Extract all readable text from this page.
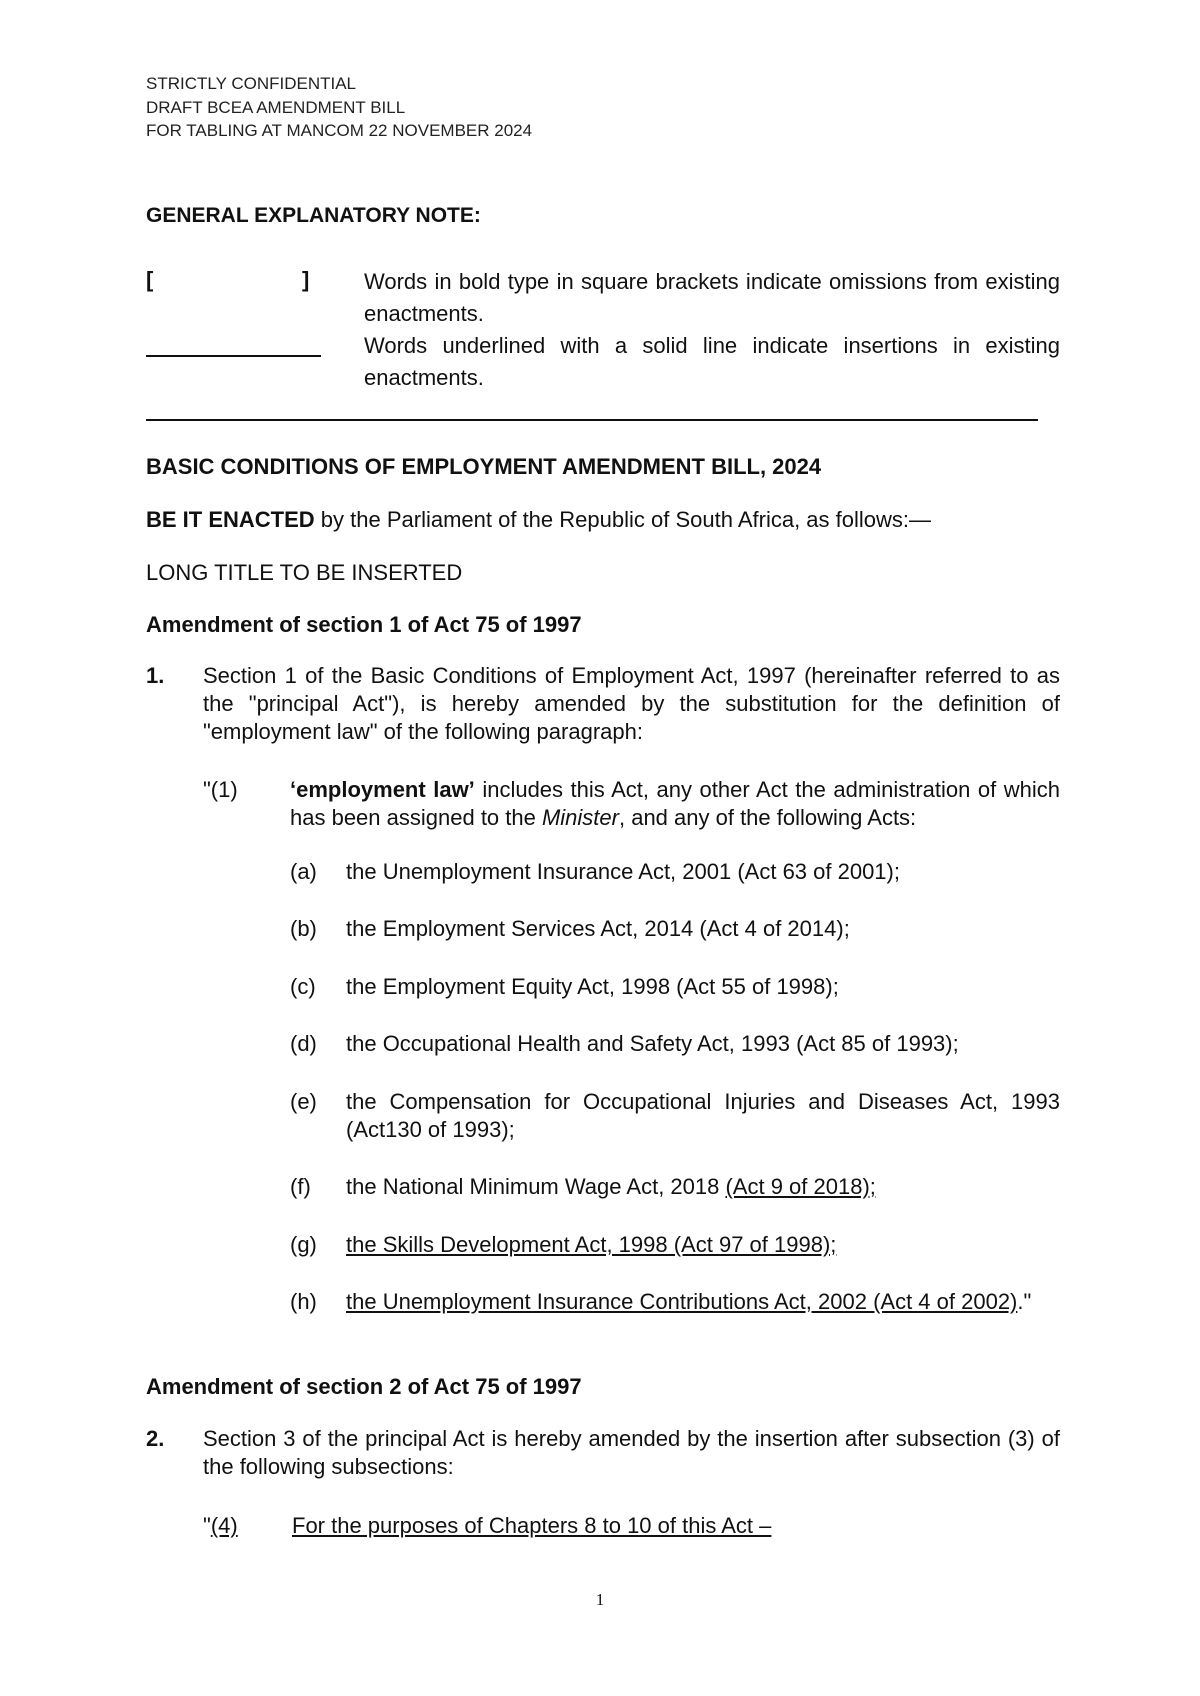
STRICTLY CONFIDENTIAL
DRAFT BCEA AMENDMENT BILL
FOR TABLING AT MANCOM 22 NOVEMBER 2024
GENERAL EXPLANATORY NOTE:
[	] Words in bold type in square brackets indicate omissions from existing enactments.
Words underlined with a solid line indicate insertions in existing enactments.
BASIC CONDITIONS OF EMPLOYMENT AMENDMENT BILL, 2024
BE IT ENACTED by the Parliament of the Republic of South Africa, as follows:—
LONG TITLE TO BE INSERTED
Amendment of section 1 of Act 75 of 1997
1. Section 1 of the Basic Conditions of Employment Act, 1997 (hereinafter referred to as the "principal Act"), is hereby amended by the substitution for the definition of "employment law" of the following paragraph:
"(1) ‘employment law’ includes this Act, any other Act the administration of which has been assigned to the Minister, and any of the following Acts:
(a) the Unemployment Insurance Act, 2001 (Act 63 of 2001);
(b) the Employment Services Act, 2014 (Act 4 of 2014);
(c) the Employment Equity Act, 1998 (Act 55 of 1998);
(d) the Occupational Health and Safety Act, 1993 (Act 85 of 1993);
(e) the Compensation for Occupational Injuries and Diseases Act, 1993 (Act130 of 1993);
(f) the National Minimum Wage Act, 2018 (Act 9 of 2018);
(g) the Skills Development Act, 1998 (Act 97 of 1998);
(h) the Unemployment Insurance Contributions Act, 2002 (Act 4 of 2002)."
Amendment of section 2 of Act 75 of 1997
2. Section 3 of the principal Act is hereby amended by the insertion after subsection (3) of the following subsections:
"(4) For the purposes of Chapters 8 to 10 of this Act –
1
